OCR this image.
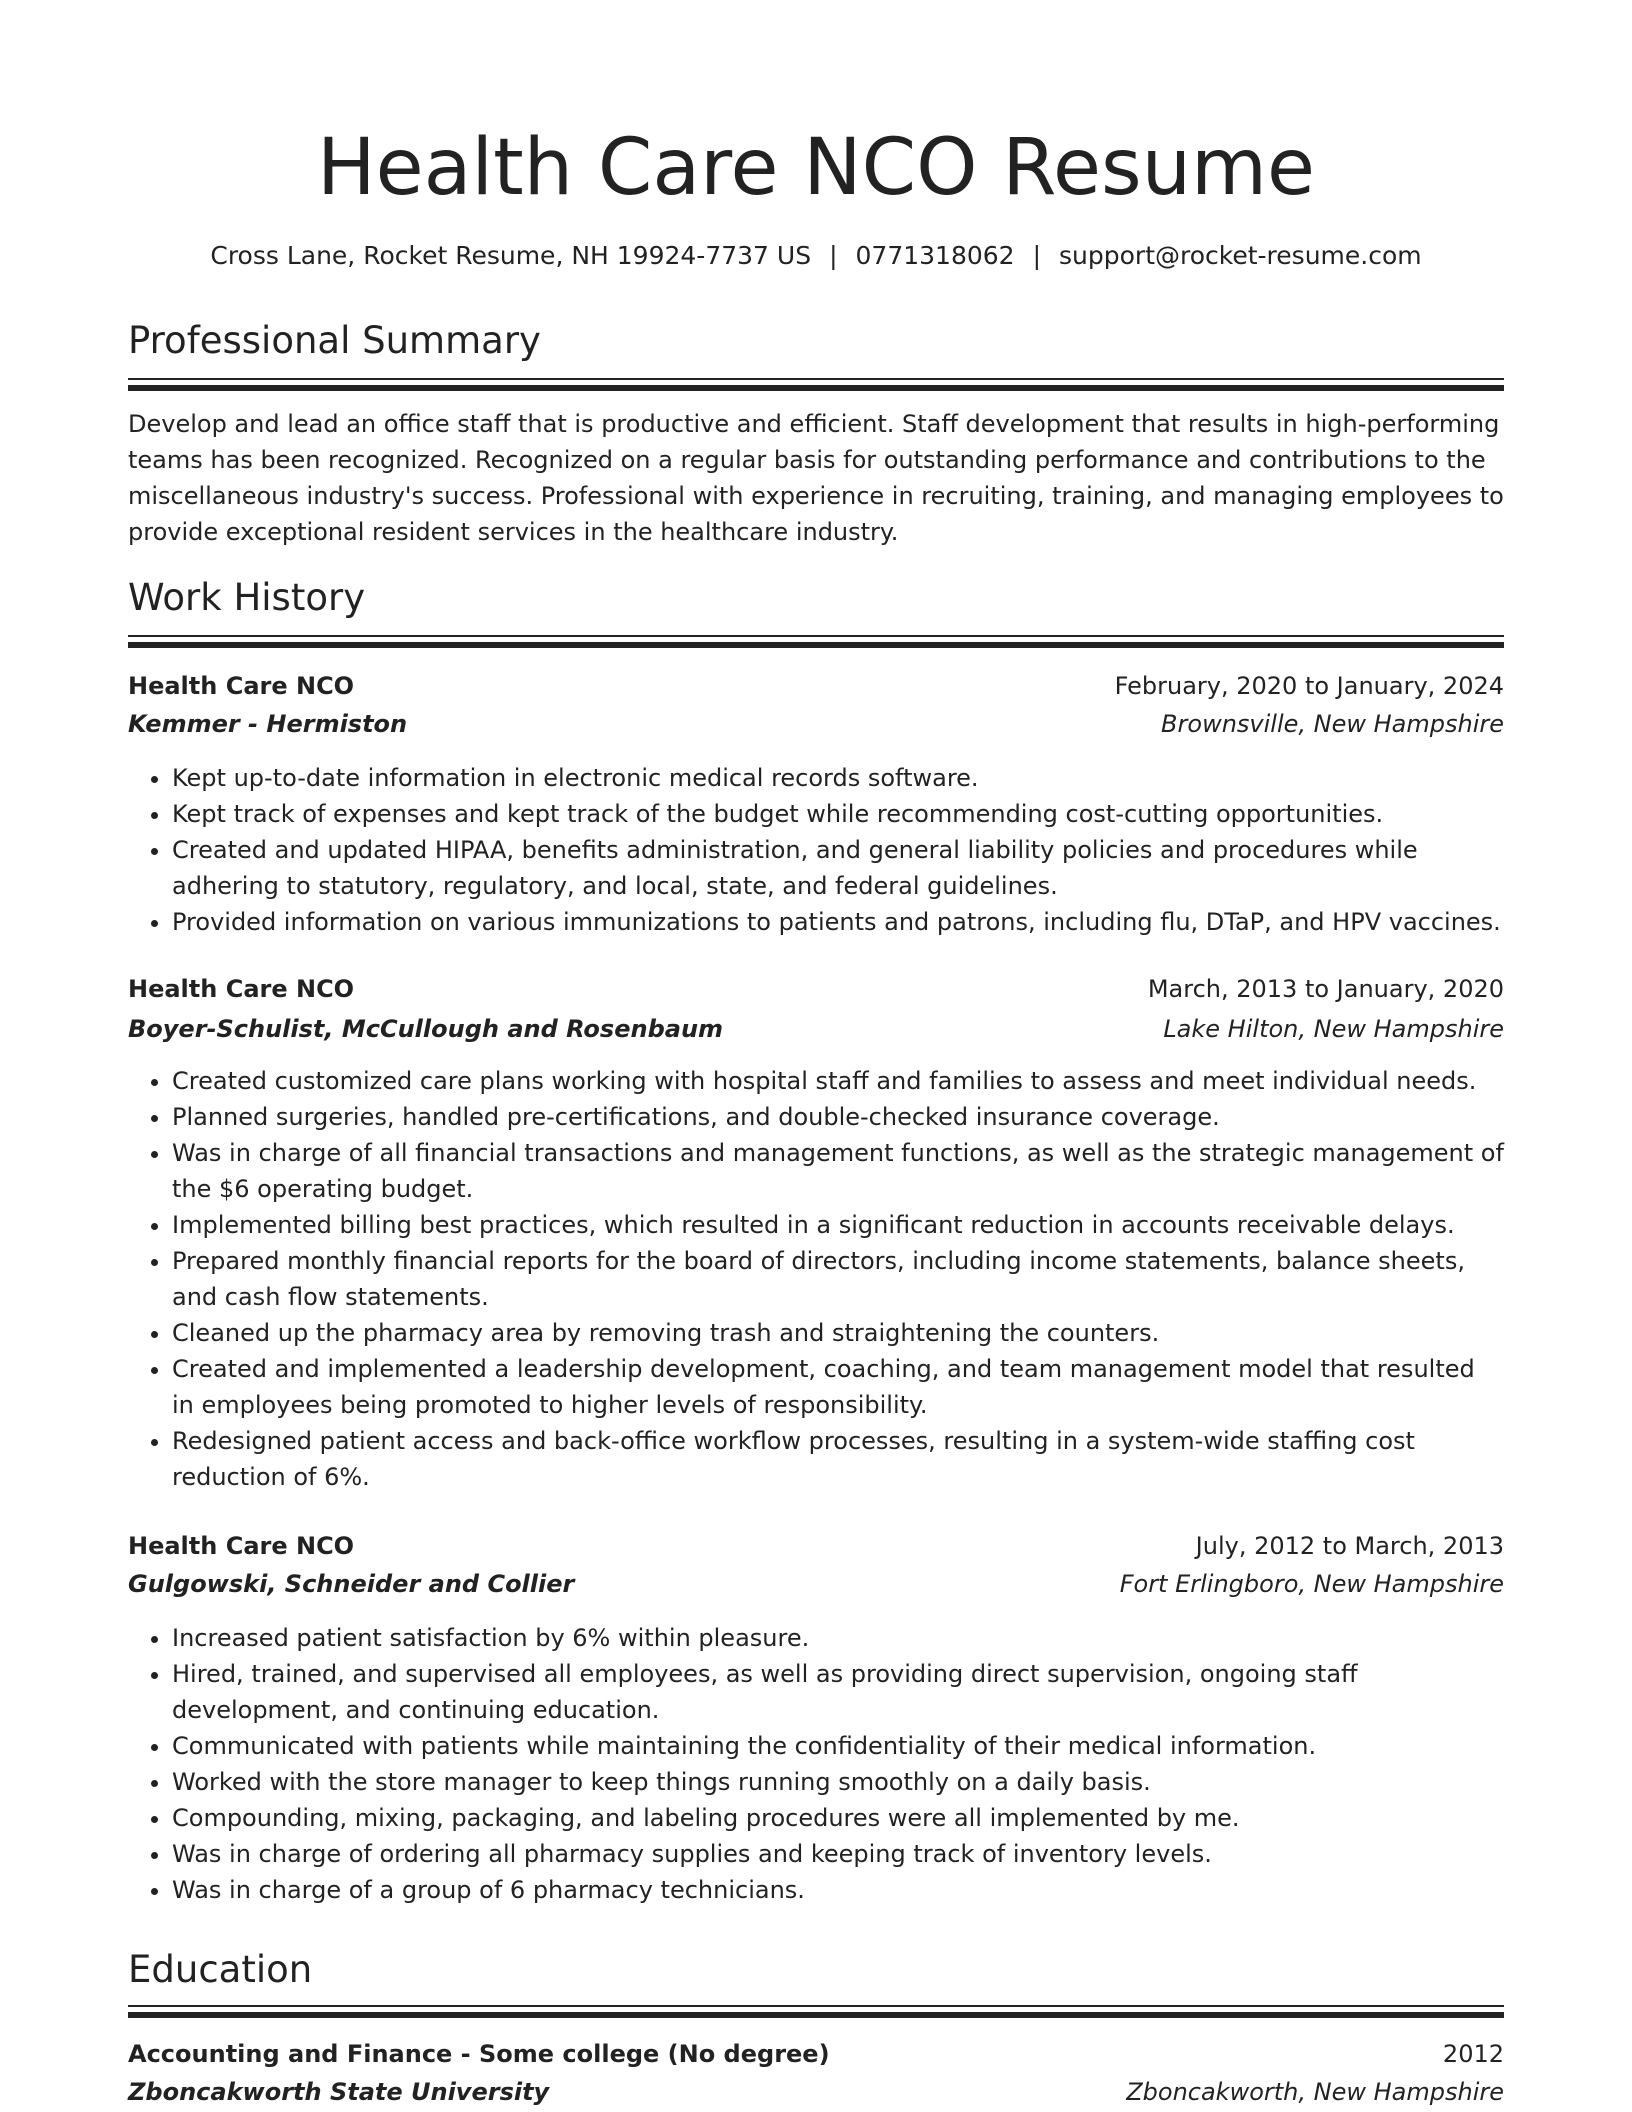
Health Care NCO Resume
Cross Lane, Rocket Resume, NH 19924-7737 US | 0771318062 | support@rocket-resume.com
Professional Summary

Develop and lead an office staff that is productive and efficient. Staff development that results in high-performing teams has been recognized. Recognized on a regular basis for outstanding performance and contributions to the miscellaneous industry's success. Professional with experience in recruiting, training, and managing employees to provide exceptional resident services in the healthcare industry.

Work History
Health Care NCO	February, 2020 to January, 2024
Kemmer - Hermiston	Brownsville, New Hampshire
• Kept up-to-date information in electronic medical records software.
• Kept track of expenses and kept track of the budget while recommending cost-cutting opportunities.
• Created and updated HIPAA, benefits administration, and general liability policies and procedures while adhering to statutory, regulatory, and local, state, and federal guidelines.
• Provided information on various immunizations to patients and patrons, including flu, DTaP, and HPV vaccines.
Health Care NCO	March, 2013 to January, 2020
Boyer-Schulist, McCullough and Rosenbaum	Lake Hilton, New Hampshire
• Created customized care plans working with hospital staff and families to assess and meet individual needs.
• Planned surgeries, handled pre-certifications, and double-checked insurance coverage.
• Was in charge of all financial transactions and management functions, as well as the strategic management of the $6 operating budget.
• Implemented billing best practices, which resulted in a significant reduction in accounts receivable delays.
• Prepared monthly financial reports for the board of directors, including income statements, balance sheets, and cash flow statements.
• Cleaned up the pharmacy area by removing trash and straightening the counters.
• Created and implemented a leadership development, coaching, and team management model that resulted in employees being promoted to higher levels of responsibility.
• Redesigned patient access and back-office workflow processes, resulting in a system-wide staffing cost reduction of 6%.
Health Care NCO	July, 2012 to March, 2013
Gulgowski, Schneider and Collier	Fort Erlingboro, New Hampshire
• Increased patient satisfaction by 6% within pleasure.
• Hired, trained, and supervised all employees, as well as providing direct supervision, ongoing staff development, and continuing education.
• Communicated with patients while maintaining the confidentiality of their medical information.
• Worked with the store manager to keep things running smoothly on a daily basis.
• Compounding, mixing, packaging, and labeling procedures were all implemented by me.
• Was in charge of ordering all pharmacy supplies and keeping track of inventory levels.
• Was in charge of a group of 6 pharmacy technicians.
Education
Accounting and Finance - Some college (No degree)	2012
Zboncakworth State University	Zboncakworth, New Hampshire
